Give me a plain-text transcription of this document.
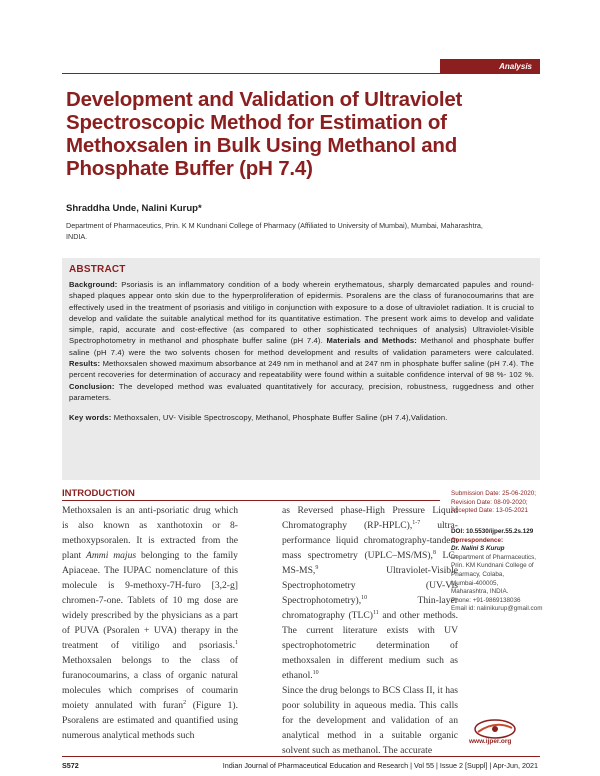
Analysis
Development and Validation of Ultraviolet Spectroscopic Method for Estimation of Methoxsalen in Bulk Using Methanol and Phosphate Buffer (pH 7.4)
Shraddha Unde, Nalini Kurup*
Department of Pharmaceutics, Prin. K M Kundnani College of Pharmacy (Affiliated to University of Mumbai), Mumbai, Maharashtra, INDIA.
ABSTRACT
Background: Psoriasis is an inflammatory condition of a body wherein erythematous, sharply demarcated papules and round-shaped plaques appear onto skin due to the hyperproliferation of epidermis. Psoralens are the class of furanocoumarins that are effectively used in the treatment of psoriasis and vitiligo in conjunction with exposure to a dose of ultraviolet radiation. It is crucial to develop and validate the suitable analytical method for its quantitative estimation. The present work aims to develop and validate simple, rapid, accurate and cost-effective (as compared to other sophisticated techniques of analysis) Ultraviolet-Visible Spectrophotometry in methanol and phosphate buffer saline (pH 7.4). Materials and Methods: Methanol and phosphate buffer saline (pH 7.4) were the two solvents chosen for method development and results of validation parameters were calculated. Results: Methoxsalen showed maximum absorbance at 249 nm in methanol and at 247 nm in phosphate buffer saline (pH 7.4). The percent recoveries for determination of accuracy and repeatability were found within a suitable confidence interval of 98 %- 102 %. Conclusion: The developed method was evaluated quantitatively for accuracy, precision, robustness, ruggedness and other parameters.
Key words: Methoxsalen, UV- Visible Spectroscopy, Methanol, Phosphate Buffer Saline (pH 7.4),Validation.
INTRODUCTION

Methoxsalen is an anti-psoriatic drug which is also known as xanthotoxin or 8-methoxypsoralen. It is extracted from the plant Ammi majus belonging to the family Apiaceae. The IUPAC nomenclature of this molecule is 9-methoxy-7H-furo [3,2-g] chromen-7-one. Tablets of 10 mg dose are widely prescribed by the physicians as a part of PUVA (Psoralen + UVA) therapy in the treatment of vitiligo and psoriasis.$^1$ Methoxsalen belongs to the class of furanocoumarins, a class of organic natural molecules which comprises of coumarin moiety annulated with furan$^2$ (Figure 1). Psoralens are estimated and quantified using numerous analytical methods such

as Reversed phase-High Pressure Liquid Chromatography (RP-HPLC),$^{1-7}$ ultra-performance liquid chromatography-tandem mass spectrometry (UPLC–MS/MS),$^8$ LC-MS-MS,$^9$ Ultraviolet-Visible Spectrophotometry (UV-Vis Spectrophotometry),$^{10}$ Thin-layer chromatography (TLC)$^{11}$ and other methods. The current literature exists with UV spectrophotometric determination of methoxsalen in different medium such as ethanol.$^{10}$

Since the drug belongs to BCS Class II, it has poor solubility in aqueous media. This calls for the development and validation of an analytical method in a suitable organic solvent such as methanol. The accurate

Submission Date: 25-06-2020;
Revision Date: 08-09-2020;
Accepted Date: 13-05-2021
DOI: 10.5530/ijper.55.2s.129
Correspondence:
Dr. Nalini S Kurup
Department of Pharmaceutics,
Prin. KM Kundnani College of Pharmacy, Colaba,
Mumbai-400005,
Maharashtra, INDIA.
Phone: +91-9869138036
Email id: nalinikurup@gmail.com
www.ijper.org
S572	Indian Journal of Pharmaceutical Education and Research | Vol 55 | Issue 2 [Suppl] | Apr-Jun, 2021
